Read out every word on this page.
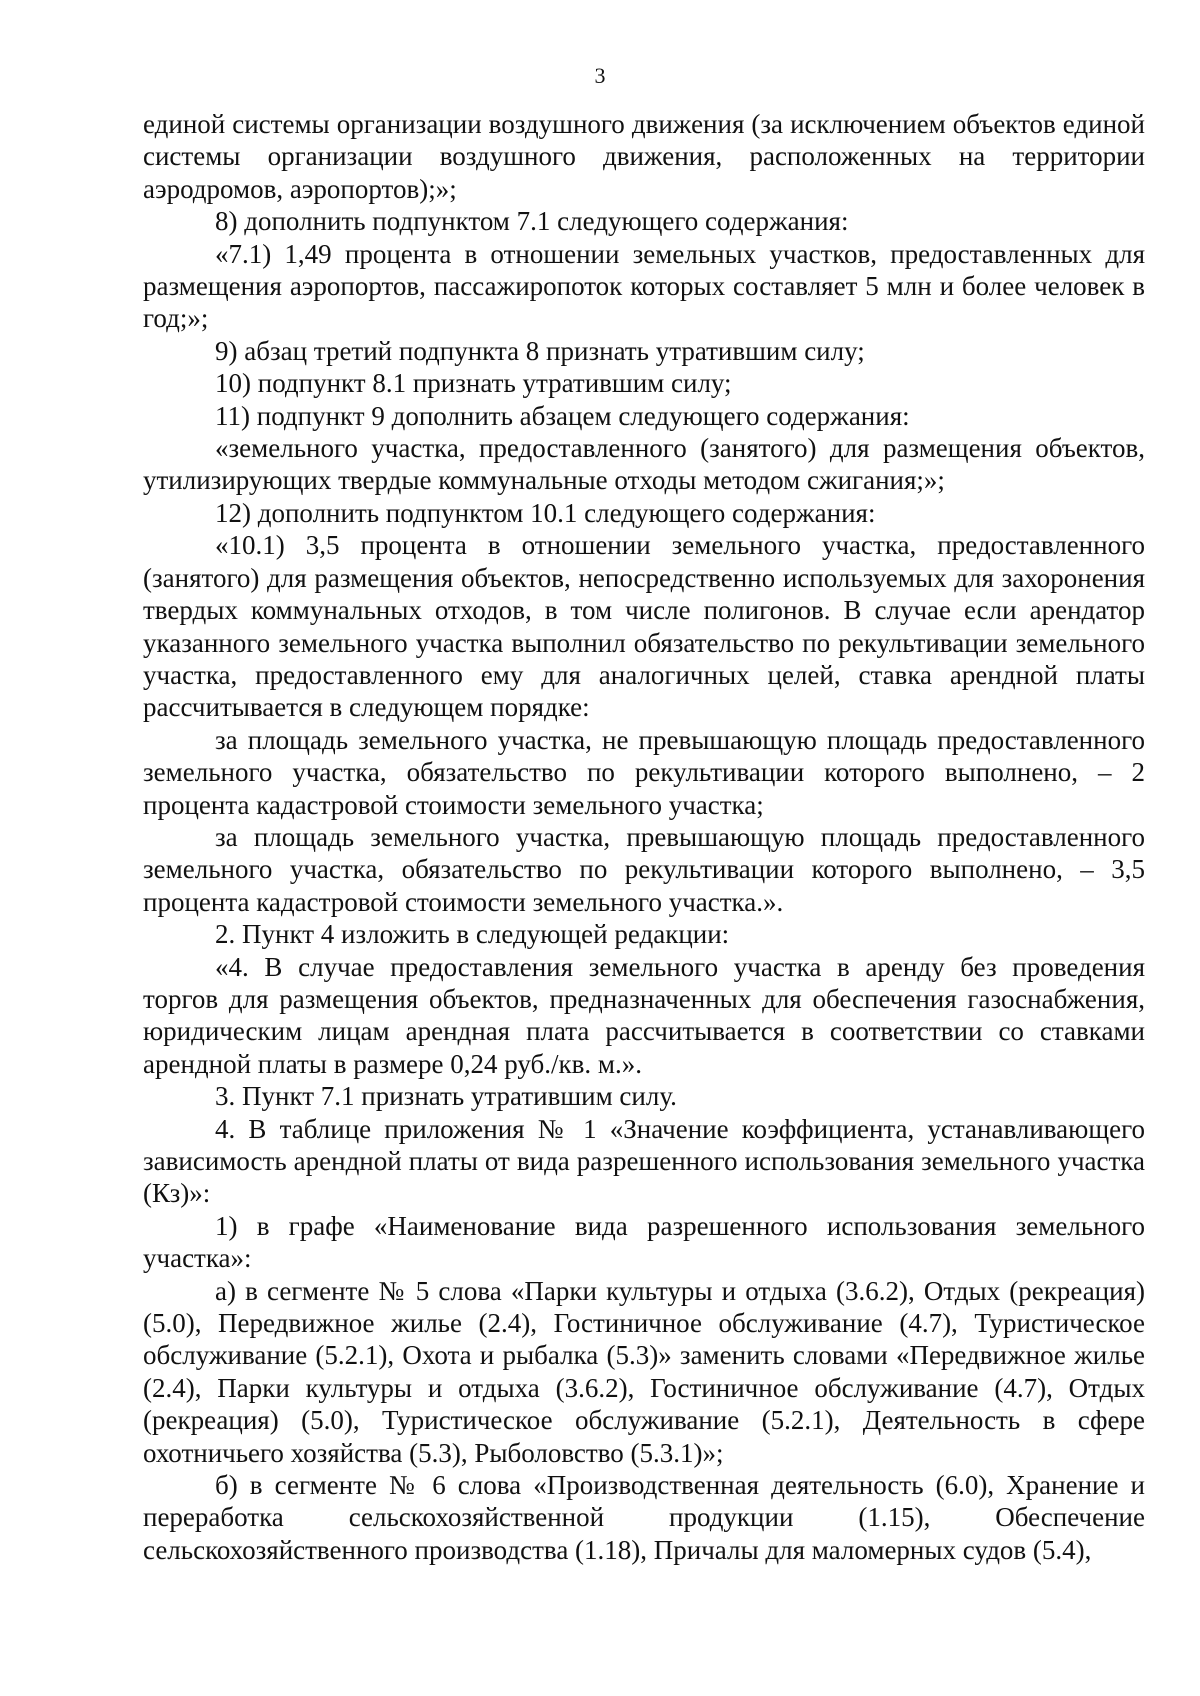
3

единой системы организации воздушного движения (за исключением объектов единой системы организации воздушного движения, расположенных на территории аэродромов, аэропортов);»;

8) дополнить подпунктом 7.1 следующего содержания:

«7.1) 1,49 процента в отношении земельных участков, предоставленных для размещения аэропортов, пассажиропоток которых составляет 5 млн и более человек в год;»;

9) абзац третий подпункта 8 признать утратившим силу;

10) подпункт 8.1 признать утратившим силу;

11) подпункт 9 дополнить абзацем следующего содержания:

«земельного участка, предоставленного (занятого) для размещения объектов, утилизирующих твердые коммунальные отходы методом сжигания;»;

12) дополнить подпунктом 10.1 следующего содержания:

«10.1) 3,5 процента в отношении земельного участка, предоставленного (занятого) для размещения объектов, непосредственно используемых для захоронения твердых коммунальных отходов, в том числе полигонов. В случае если арендатор указанного земельного участка выполнил обязательство по рекультивации земельного участка, предоставленного ему для аналогичных целей, ставка арендной платы рассчитывается в следующем порядке:

за площадь земельного участка, не превышающую площадь предоставленного земельного участка, обязательство по рекультивации которого выполнено, – 2 процента кадастровой стоимости земельного участка;

за площадь земельного участка, превышающую площадь предоставленного земельного участка, обязательство по рекультивации которого выполнено, – 3,5 процента кадастровой стоимости земельного участка.».

2. Пункт 4 изложить в следующей редакции:

«4. В случае предоставления земельного участка в аренду без проведения торгов для размещения объектов, предназначенных для обеспечения газоснабжения, юридическим лицам арендная плата рассчитывается в соответствии со ставками арендной платы в размере 0,24 руб./кв. м.».

3. Пункт 7.1 признать утратившим силу.

4. В таблице приложения № 1 «Значение коэффициента, устанавливающего зависимость арендной платы от вида разрешенного использования земельного участка (Кз)»:

1) в графе «Наименование вида разрешенного использования земельного участка»:

а) в сегменте № 5 слова «Парки культуры и отдыха (3.6.2), Отдых (рекреация) (5.0), Передвижное жилье (2.4), Гостиничное обслуживание (4.7), Туристическое обслуживание (5.2.1), Охота и рыбалка (5.3)» заменить словами «Передвижное жилье (2.4), Парки культуры и отдыха (3.6.2), Гостиничное обслуживание (4.7), Отдых (рекреация) (5.0), Туристическое обслуживание (5.2.1), Деятельность в сфере охотничьего хозяйства (5.3), Рыболовство (5.3.1)»;

б) в сегменте № 6 слова «Производственная деятельность (6.0), Хранение и переработка сельскохозяйственной продукции (1.15), Обеспечение сельскохозяйственного производства (1.18), Причалы для маломерных судов (5.4),
